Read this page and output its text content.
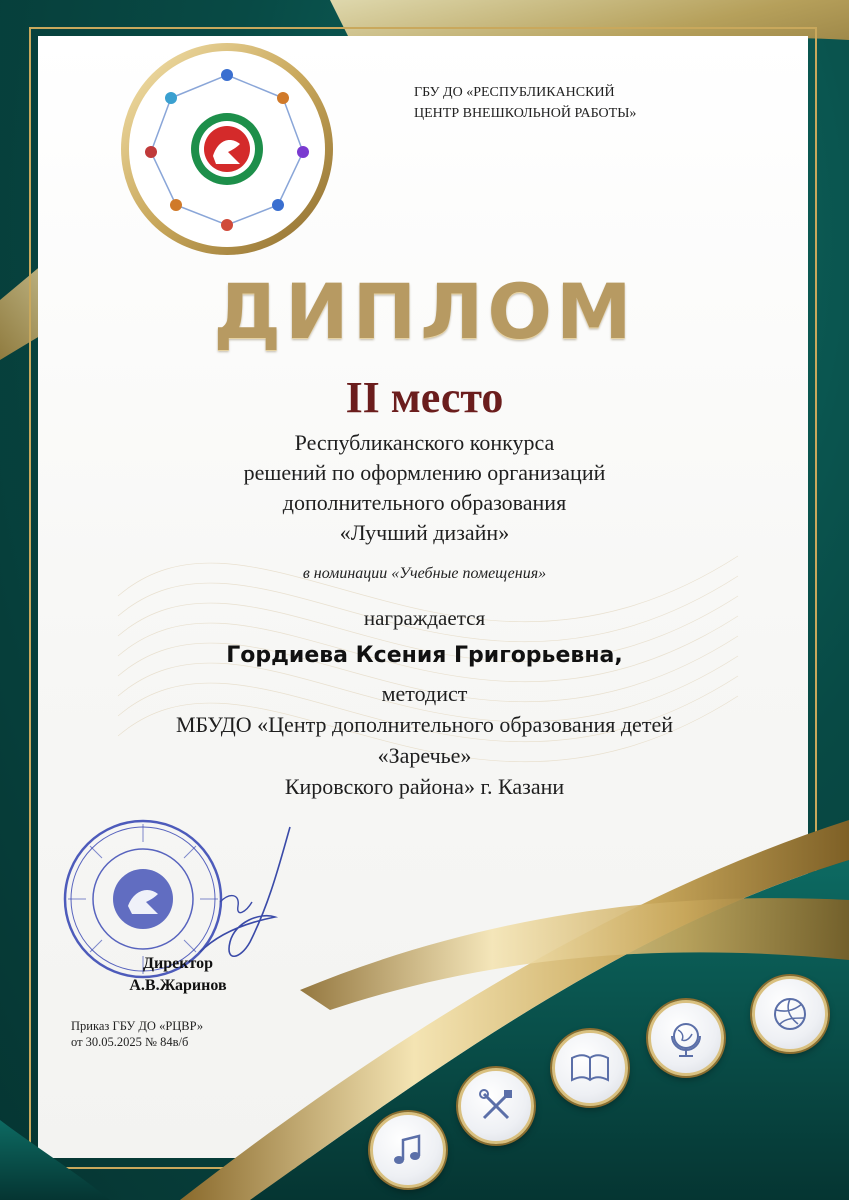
ГБУ ДО «РЕСПУБЛИКАНСКИЙ
ЦЕНТР ВНЕШКОЛЬНОЙ РАБОТЫ»
ДИПЛОМ
II место
Республиканского конкурса
решений по оформлению организаций
дополнительного образования
«Лучший дизайн»
в номинации «Учебные помещения»
награждается
Гордиева Ксения Григорьевна,
методист
МБУДО «Центр дополнительного образования детей
«Заречье»
Кировского района» г. Казани
Директор
А.В.Жаринов
Приказ ГБУ ДО «РЦВР»
от 30.05.2025 № 84в/б
